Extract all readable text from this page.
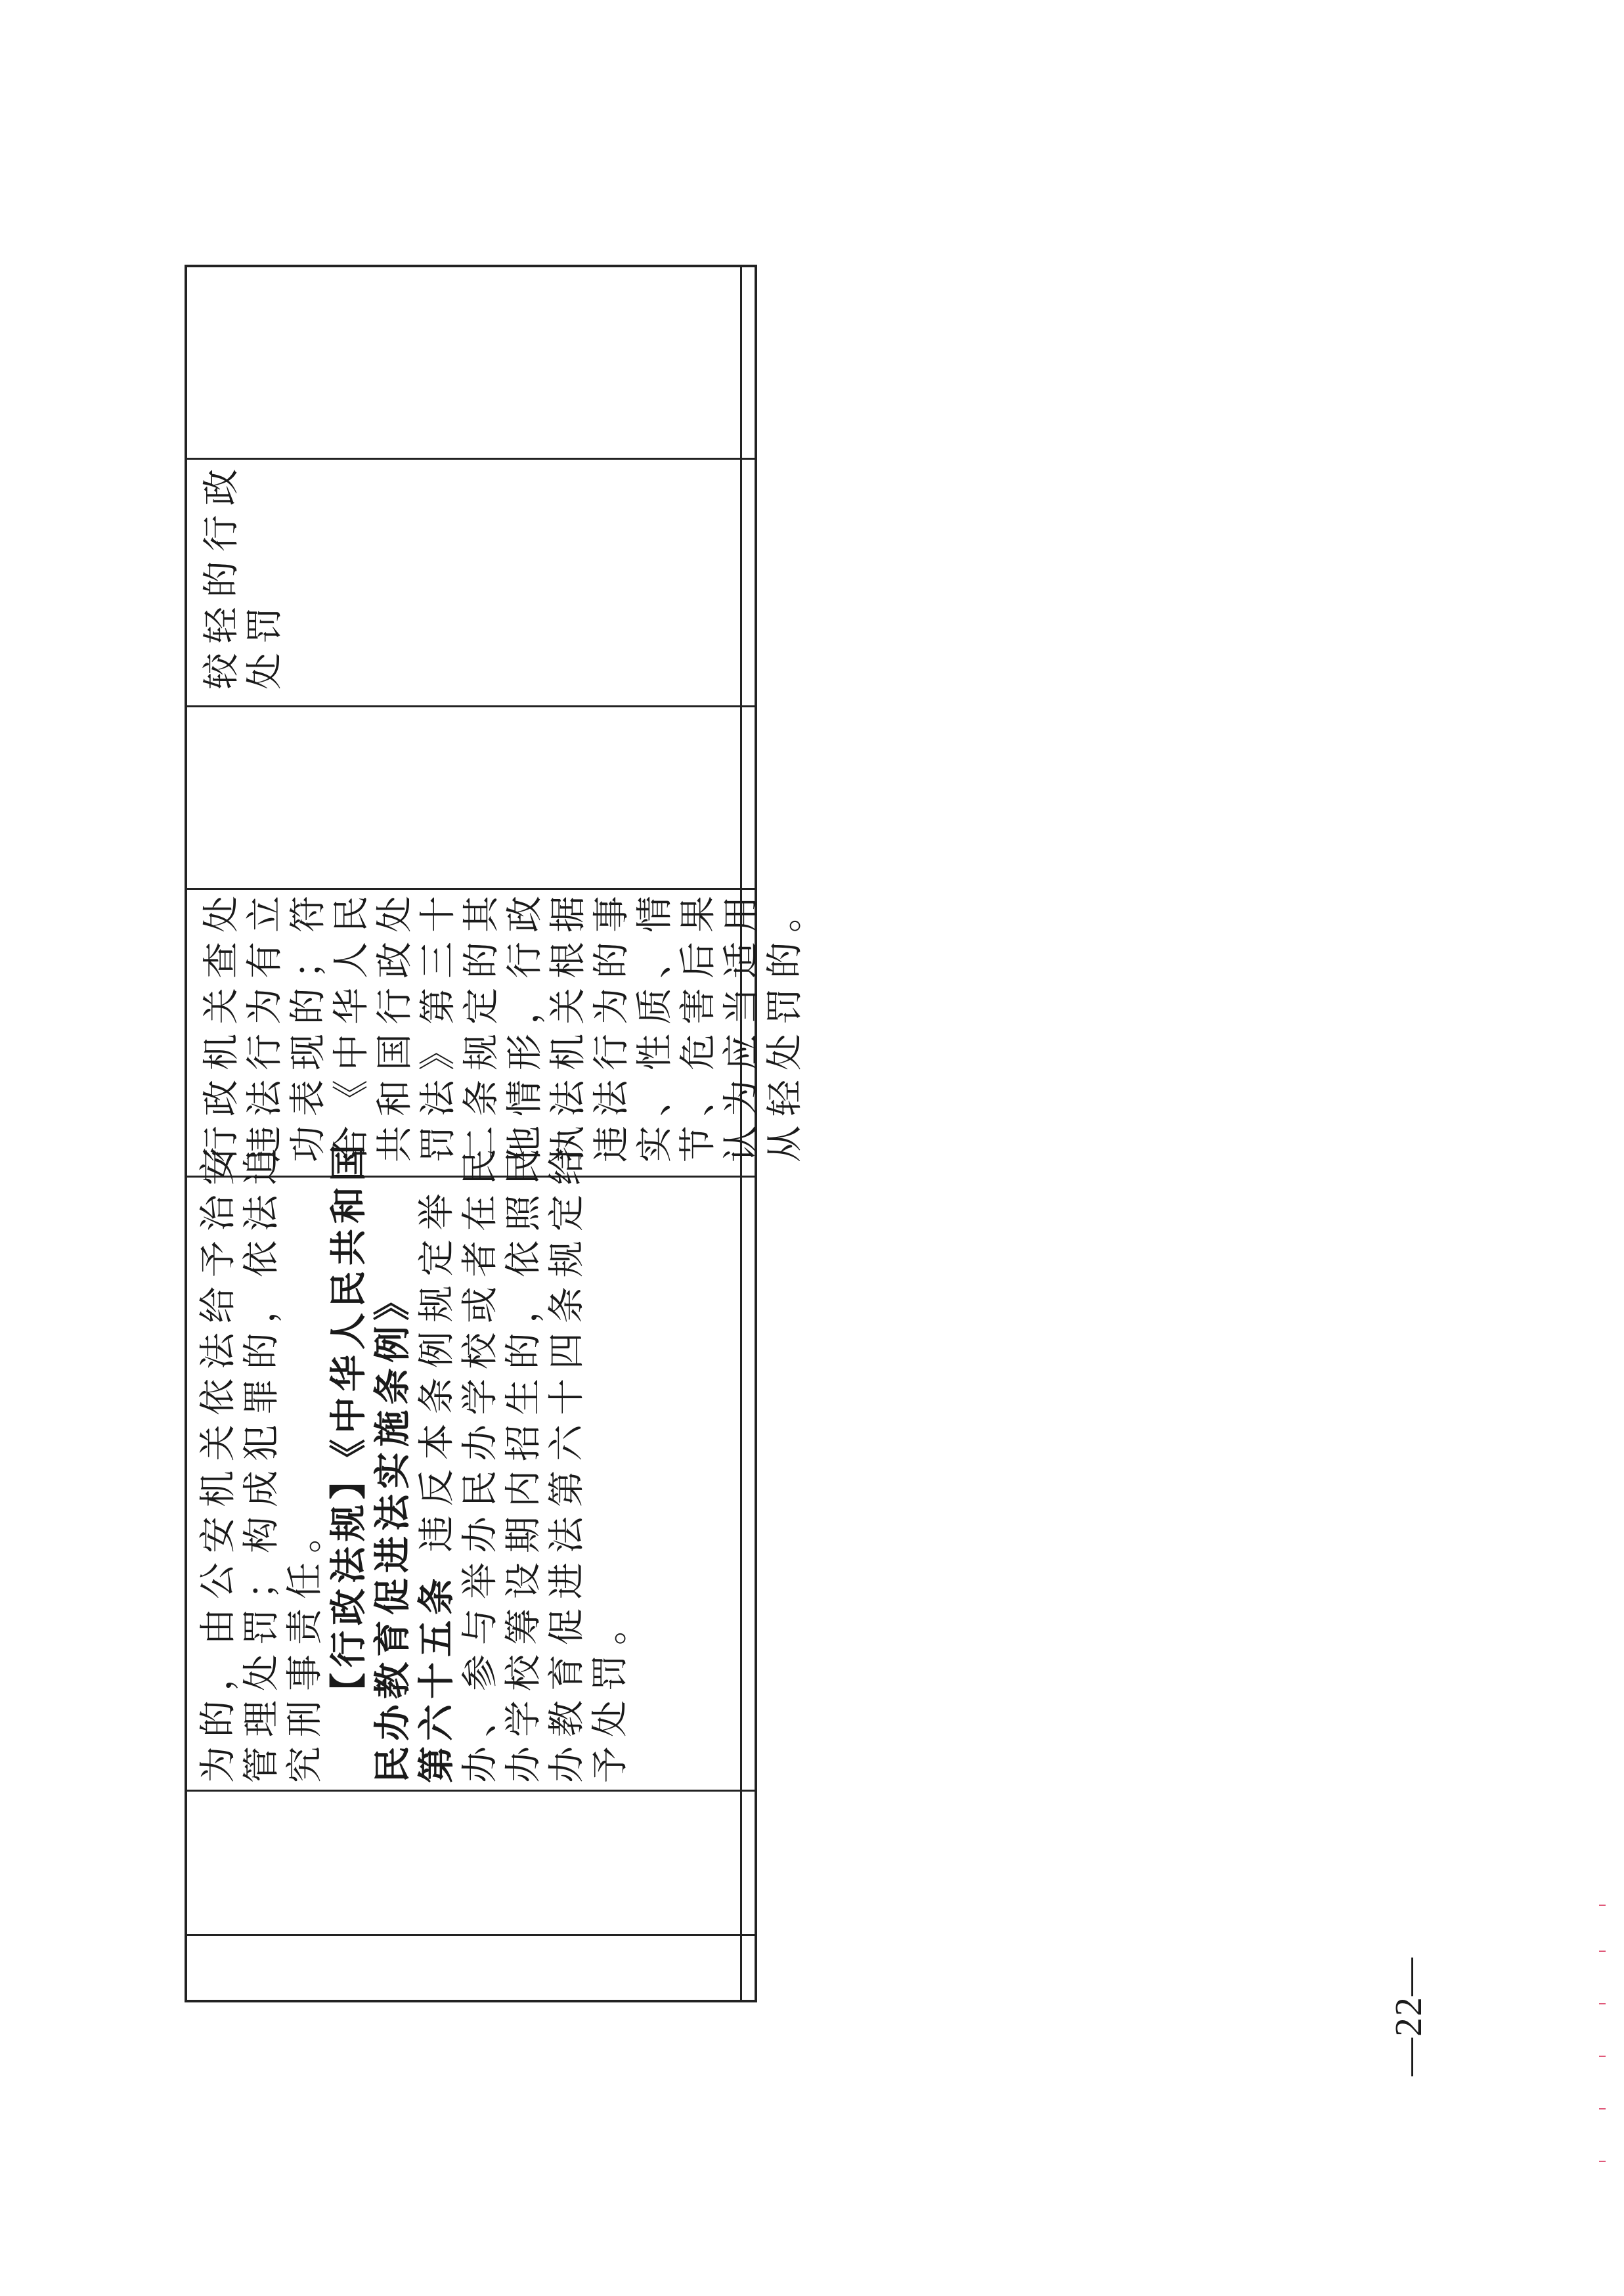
为的，由公安机关依法给予治安管理处罚；构成犯罪的，依法追究刑事责任。 【行政法规】《中华人民共和国民办教育促进法实施条例》 第六十五条 违反本条例规定举办、参与举办民办学校或者在民办学校筹设期内招生的，依照民办教育促进法第六十四条规定给予处罚。

行政机关查处违法行为有立功表现的；符合《中华人民共和国行政处罚法》第三十二条规定的其他情形，行政执法机关根据违法行为的事实、性质、情节、危害后果认为应当适用从轻处罚的。

较轻的行政处罚

—22—
